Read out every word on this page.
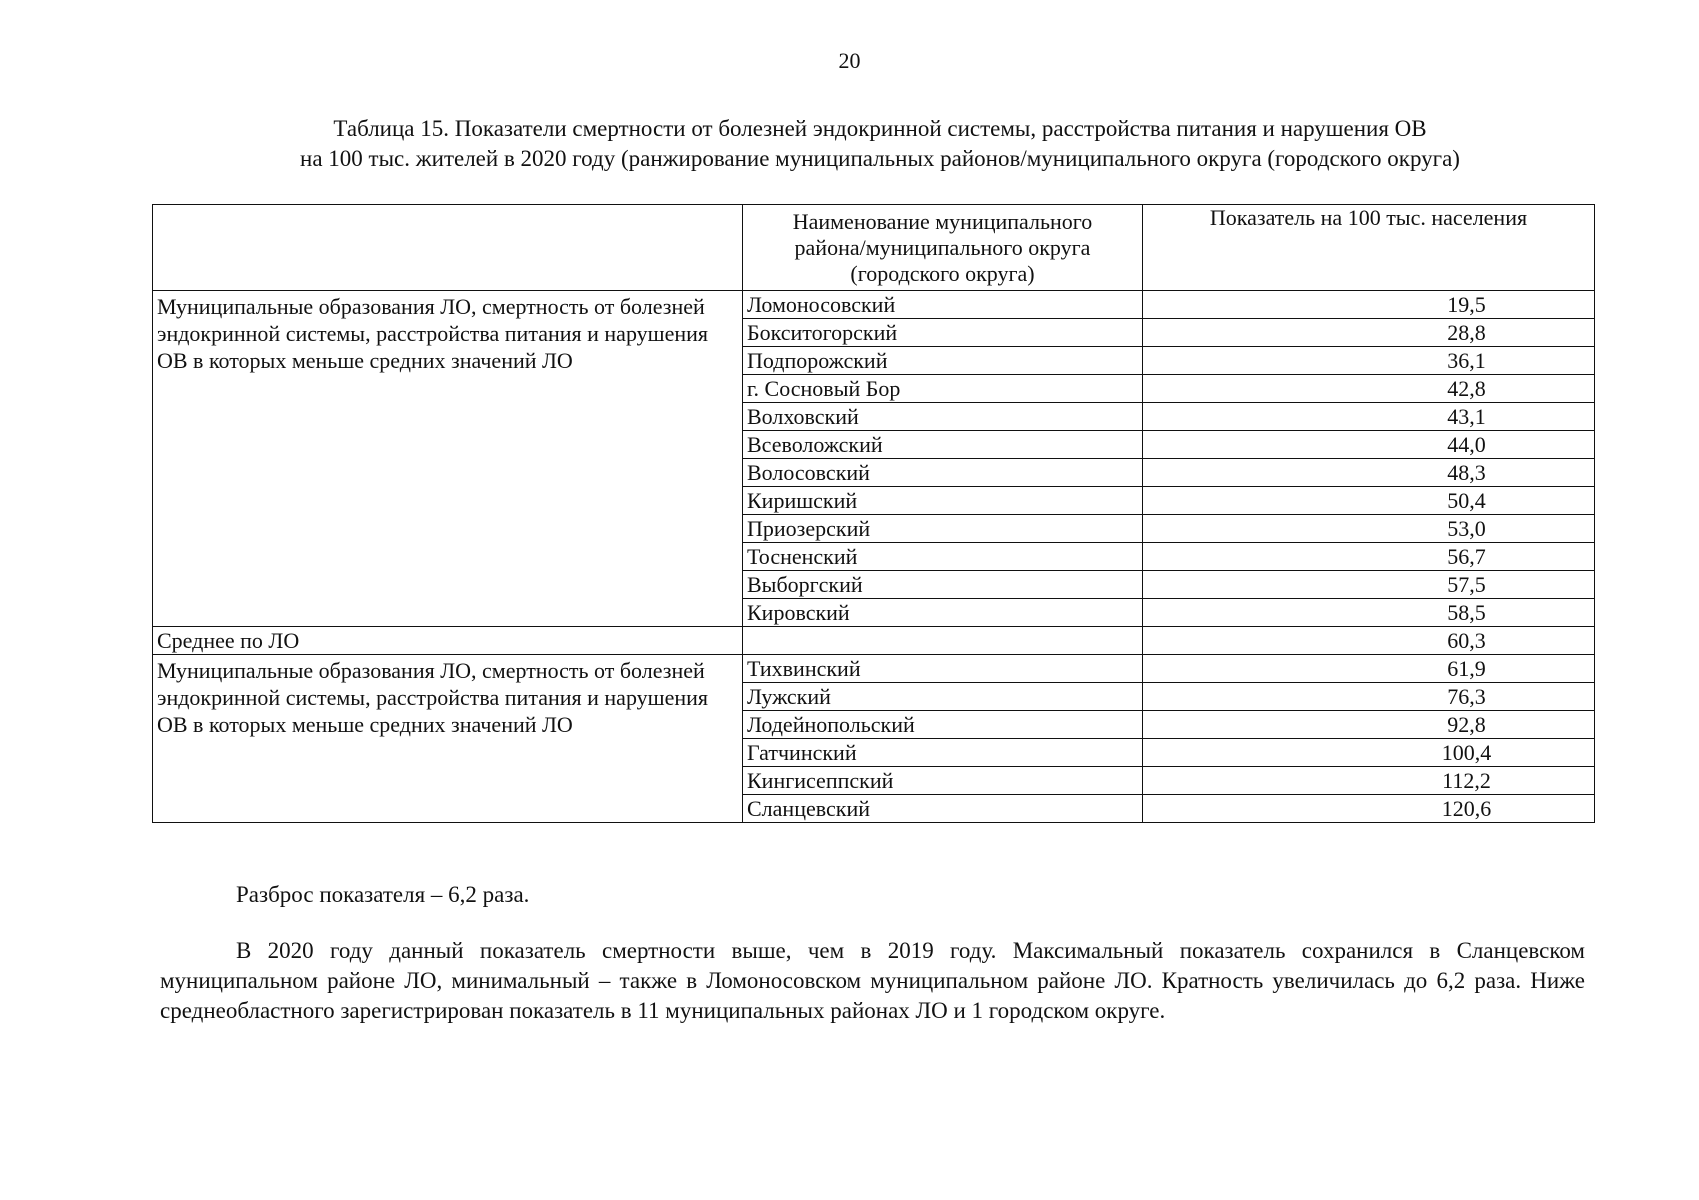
20
Таблица 15. Показатели смертности от болезней эндокринной системы, расстройства питания и нарушения ОВ
на 100 тыс. жителей в 2020 году (ранжирование муниципальных районов/муниципального округа (городского округа)
	Наименование муниципального района/муниципального округа (городского округа)	Показатель на 100 тыс. населения
Муниципальные образования ЛО, смертность от болезней эндокринной системы, расстройства питания и нарушения ОВ в которых меньше средних значений ЛО	Ломоносовский	19,5
	Бокситогорский	28,8
	Подпорожский	36,1
	г. Сосновый Бор	42,8
	Волховский	43,1
	Всеволожский	44,0
	Волосовский	48,3
	Киришский	50,4
	Приозерский	53,0
	Тосненский	56,7
	Выборгский	57,5
	Кировский	58,5
Среднее по ЛО		60,3
Муниципальные образования ЛО, смертность от болезней эндокринной системы, расстройства питания и нарушения ОВ в которых меньше средних значений ЛО	Тихвинский	61,9
	Лужский	76,3
	Лодейнопольский	92,8
	Гатчинский	100,4
	Кингисеппский	112,2
	Сланцевский	120,6
Разброс показателя – 6,2 раза.
В 2020 году данный показатель смертности выше, чем в 2019 году. Максимальный показатель сохранился в Сланцевском муниципальном районе ЛО, минимальный – также в Ломоносовском муниципальном районе ЛО. Кратность увеличилась до 6,2 раза. Ниже среднеобластного зарегистрирован показатель в 11 муниципальных районах ЛО и 1 городском округе.
